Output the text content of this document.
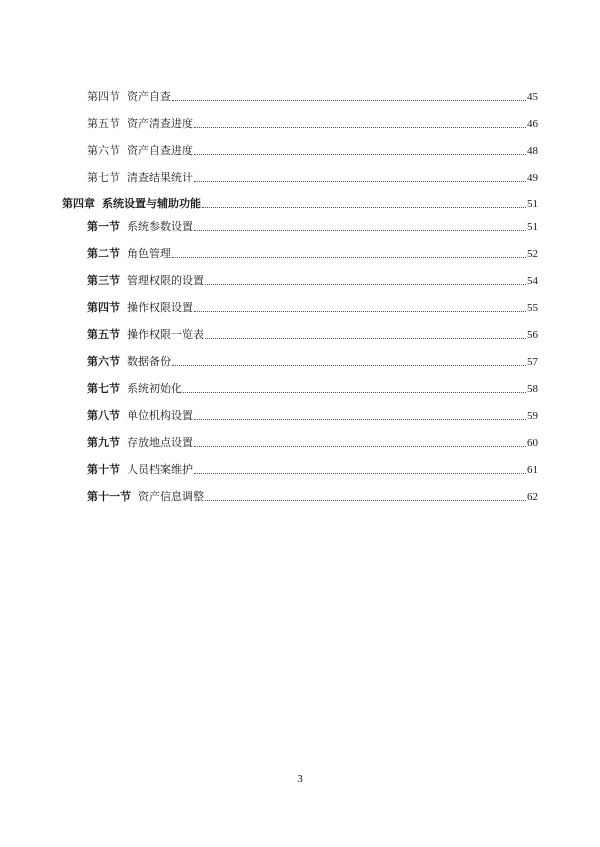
第四节 资产自查	45
第五节 资产清查进度	46
第六节 资产自查进度	48
第七节 清查结果统计	49
第四章 系统设置与辅助功能	51
第一节 系统参数设置	51
第二节 角色管理	52
第三节 管理权限的设置	54
第四节 操作权限设置	55
第五节 操作权限一览表	56
第六节 数据备份	57
第七节 系统初始化	58
第八节 单位机构设置	59
第九节 存放地点设置	60
第十节 人员档案维护	61
第十一节 资产信息调整	62
3
